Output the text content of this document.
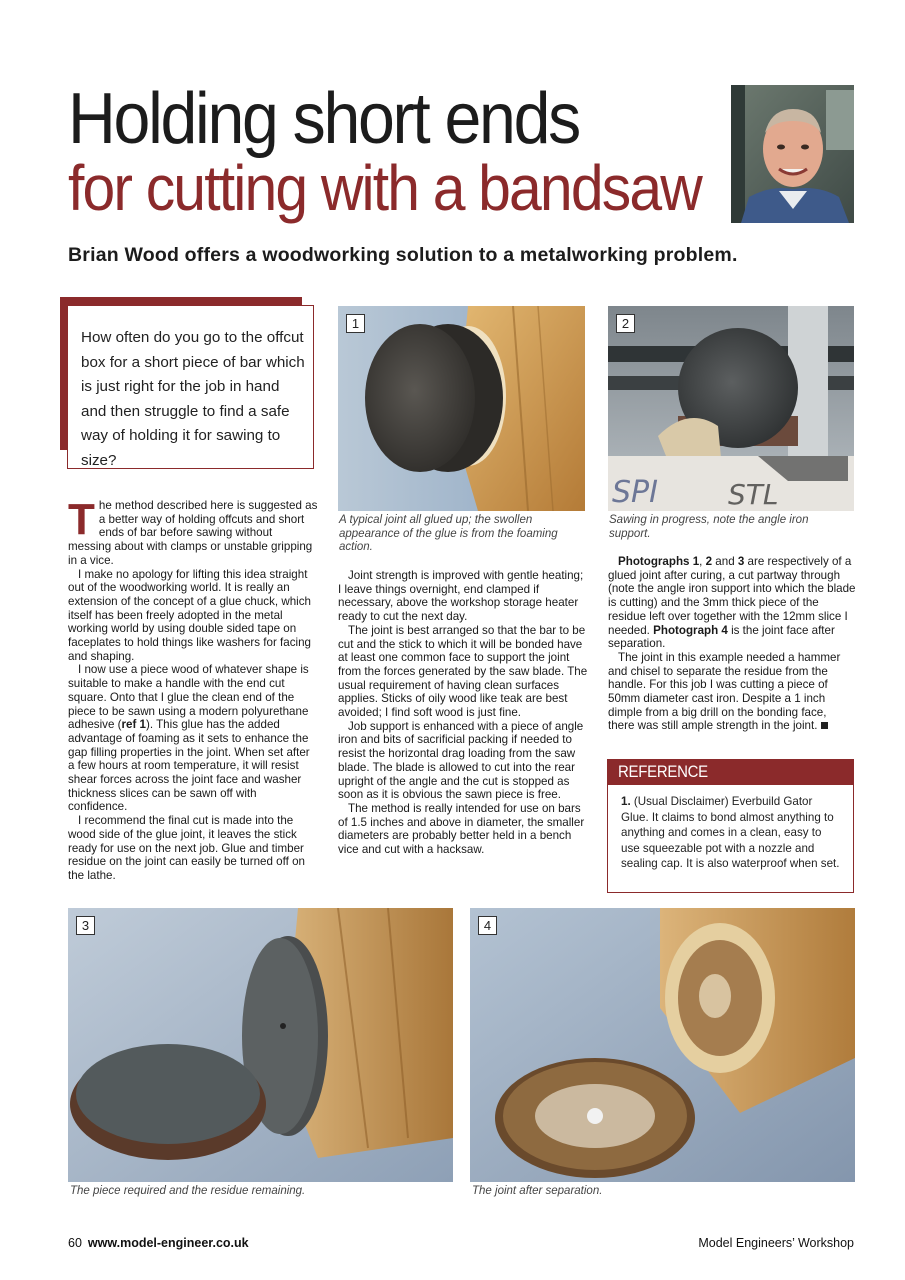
Holding short ends
for cutting with a bandsaw
Brian Wood offers a woodworking solution to a metalworking problem.
How often do you go to the offcut box for a short piece of bar which is just right for the job in hand and then struggle to find a safe way of holding it for sawing to size?

The method described here is suggested as a better way of holding offcuts and short ends of bar before sawing without messing about with clamps or unstable gripping in a vice.

I make no apology for lifting this idea straight out of the woodworking world. It is really an extension of the concept of a glue chuck, which itself has been freely adopted in the metal working world by using double sided tape on faceplates to hold things like washers for facing and shaping.

I now use a piece wood of whatever shape is suitable to make a handle with the end cut square. Onto that I glue the clean end of the piece to be sawn using a modern polyurethane adhesive (ref 1). This glue has the added advantage of foaming as it sets to enhance the gap filling properties in the joint. When set after a few hours at room temperature, it will resist shear forces across the joint face and washer thickness slices can be sawn off with confidence.

I recommend the final cut is made into the wood side of the glue joint, it leaves the stick ready for use on the next job. Glue and timber residue on the joint can easily be turned off on the lathe.

1
A typical joint all glued up; the swollen appearance of the glue is from the foaming action.

Joint strength is improved with gentle heating; I leave things overnight, end clamped if necessary, above the workshop storage heater ready to cut the next day.

The joint is best arranged so that the bar to be cut and the stick to which it will be bonded have at least one common face to support the joint from the forces generated by the saw blade. The usual requirement of having clean surfaces applies. Sticks of oily wood like teak are best avoided; I find soft wood is just fine.

Job support is enhanced with a piece of angle iron and bits of sacrificial packing if needed to resist the horizontal drag loading from the saw blade. The blade is allowed to cut into the rear upright of the angle and the cut is stopped as soon as it is obvious the sawn piece is free.

The method is really intended for use on bars of 1.5 inches and above in diameter, the smaller diameters are probably better held in a bench vice and cut with a hacksaw.

SPI	STL
2
Sawing in progress, note the angle iron support.

Photographs 1, 2 and 3 are respectively of a glued joint after curing, a cut partway through (note the angle iron support into which the blade is cutting) and the 3mm thick piece of the residue left over together with the 12mm slice I needed. Photograph 4 is the joint face after separation.

The joint in this example needed a hammer and chisel to separate the residue from the handle. For this job I was cutting a piece of 50mm diameter cast iron. Despite a 1 inch dimple from a big drill on the bonding face, there was still ample strength in the joint.

REFERENCE
1. (Usual Disclaimer) Everbuild Gator Glue. It claims to bond almost anything to anything and comes in a clean, easy to use squeezable pot with a nozzle and sealing cap. It is also waterproof when set.
3
The piece required and the residue remaining.
4
The joint after separation.
60 www.model-engineer.co.uk	Model Engineers’ Workshop
